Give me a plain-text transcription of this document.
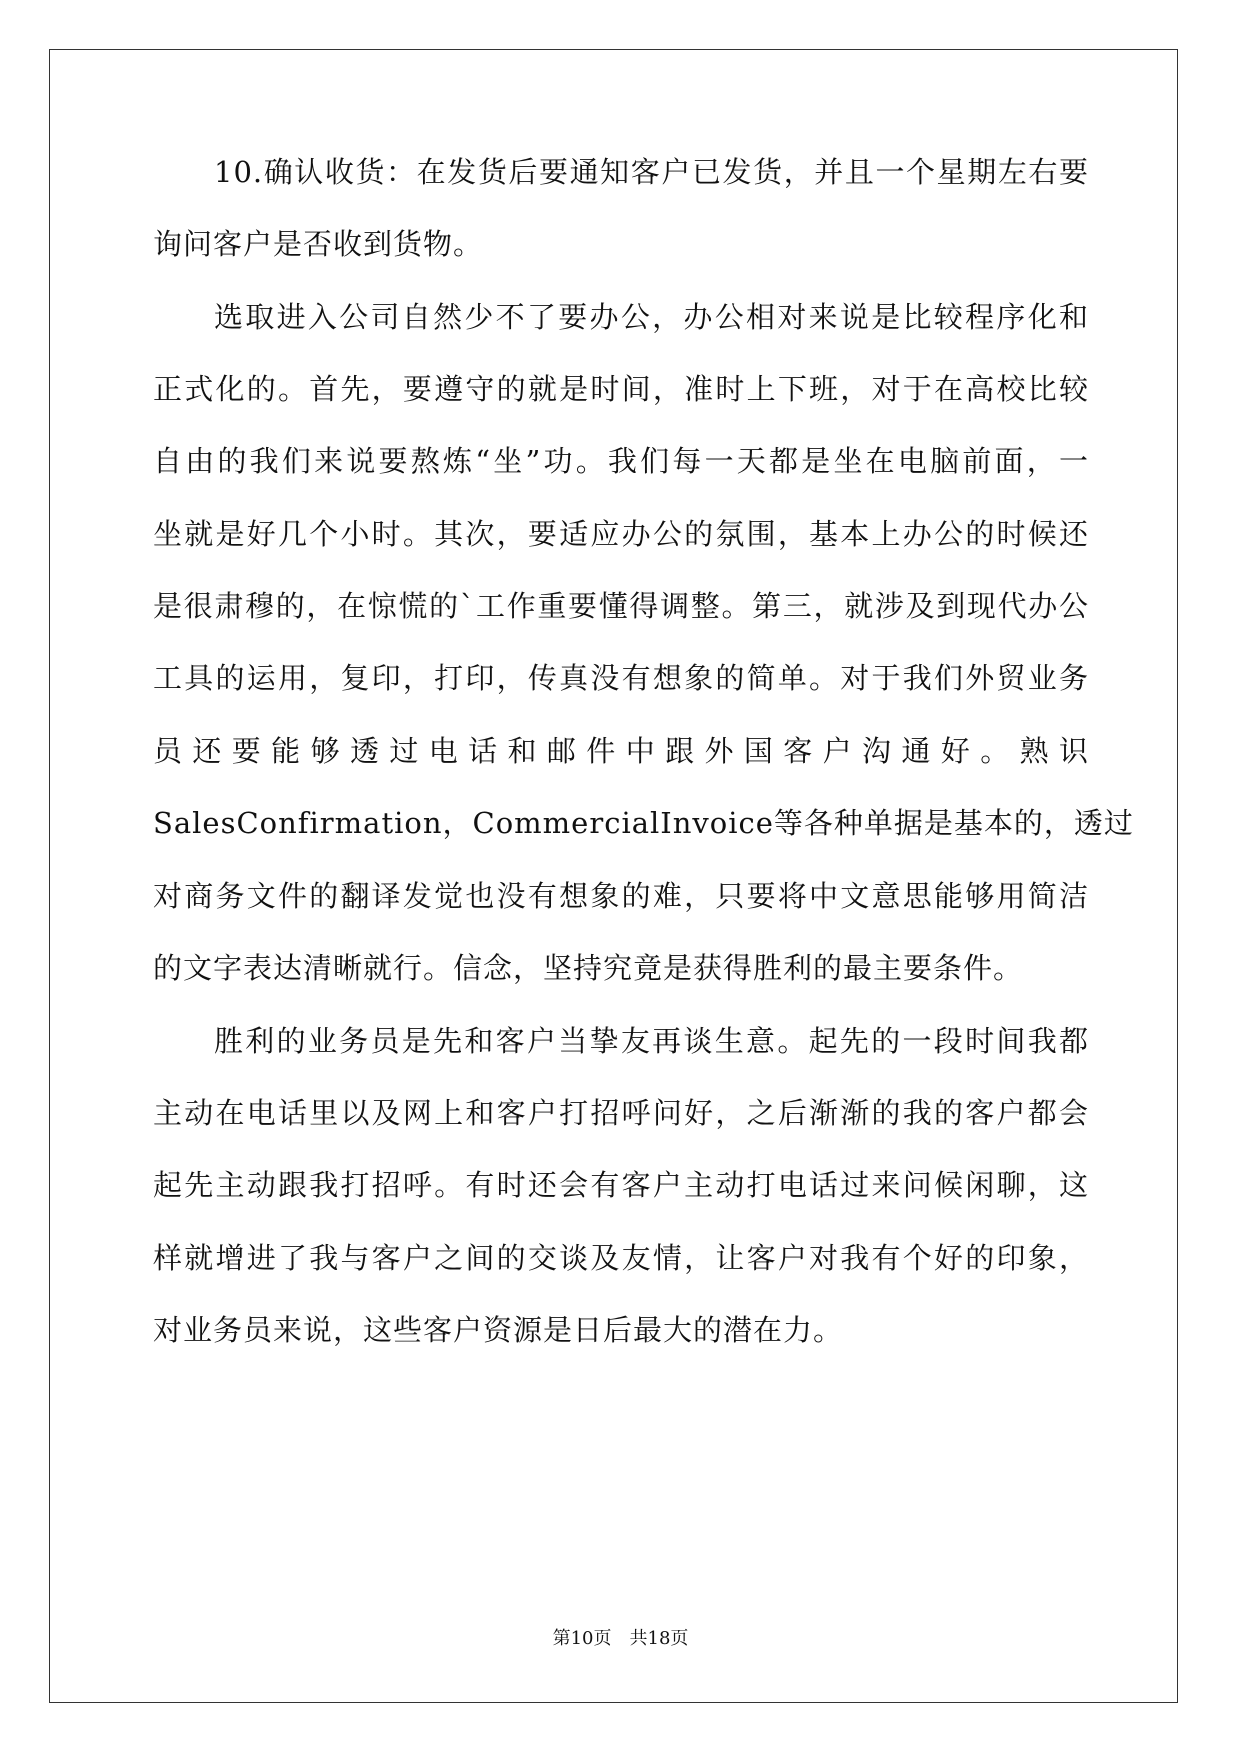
10.确认收货：在发货后要通知客户已发货，并且一个星期左右要
询问客户是否收到货物。
选取进入公司自然少不了要办公，办公相对来说是比较程序化和
正式化的。首先，要遵守的就是时间，准时上下班，对于在高校比较
自由的我们来说要熬炼“坐”功。我们每一天都是坐在电脑前面，一
坐就是好几个小时。其次，要适应办公的氛围，基本上办公的时候还
是很肃穆的，在惊慌的`工作重要懂得调整。第三，就涉及到现代办公
工具的运用，复印，打印，传真没有想象的简单。对于我们外贸业务
员还要能够透过电话和邮件中跟外国客户沟通好。熟识
SalesConfirmation，CommercialInvoice等各种单据是基本的，透过
对商务文件的翻译发觉也没有想象的难，只要将中文意思能够用简洁
的文字表达清晰就行。信念，坚持究竟是获得胜利的最主要条件。
胜利的业务员是先和客户当挚友再谈生意。起先的一段时间我都
主动在电话里以及网上和客户打招呼问好，之后渐渐的我的客户都会
起先主动跟我打招呼。有时还会有客户主动打电话过来问候闲聊，这
样就增进了我与客户之间的交谈及友情，让客户对我有个好的印象，
对业务员来说，这些客户资源是日后最大的潜在力。
第10页　共18页
